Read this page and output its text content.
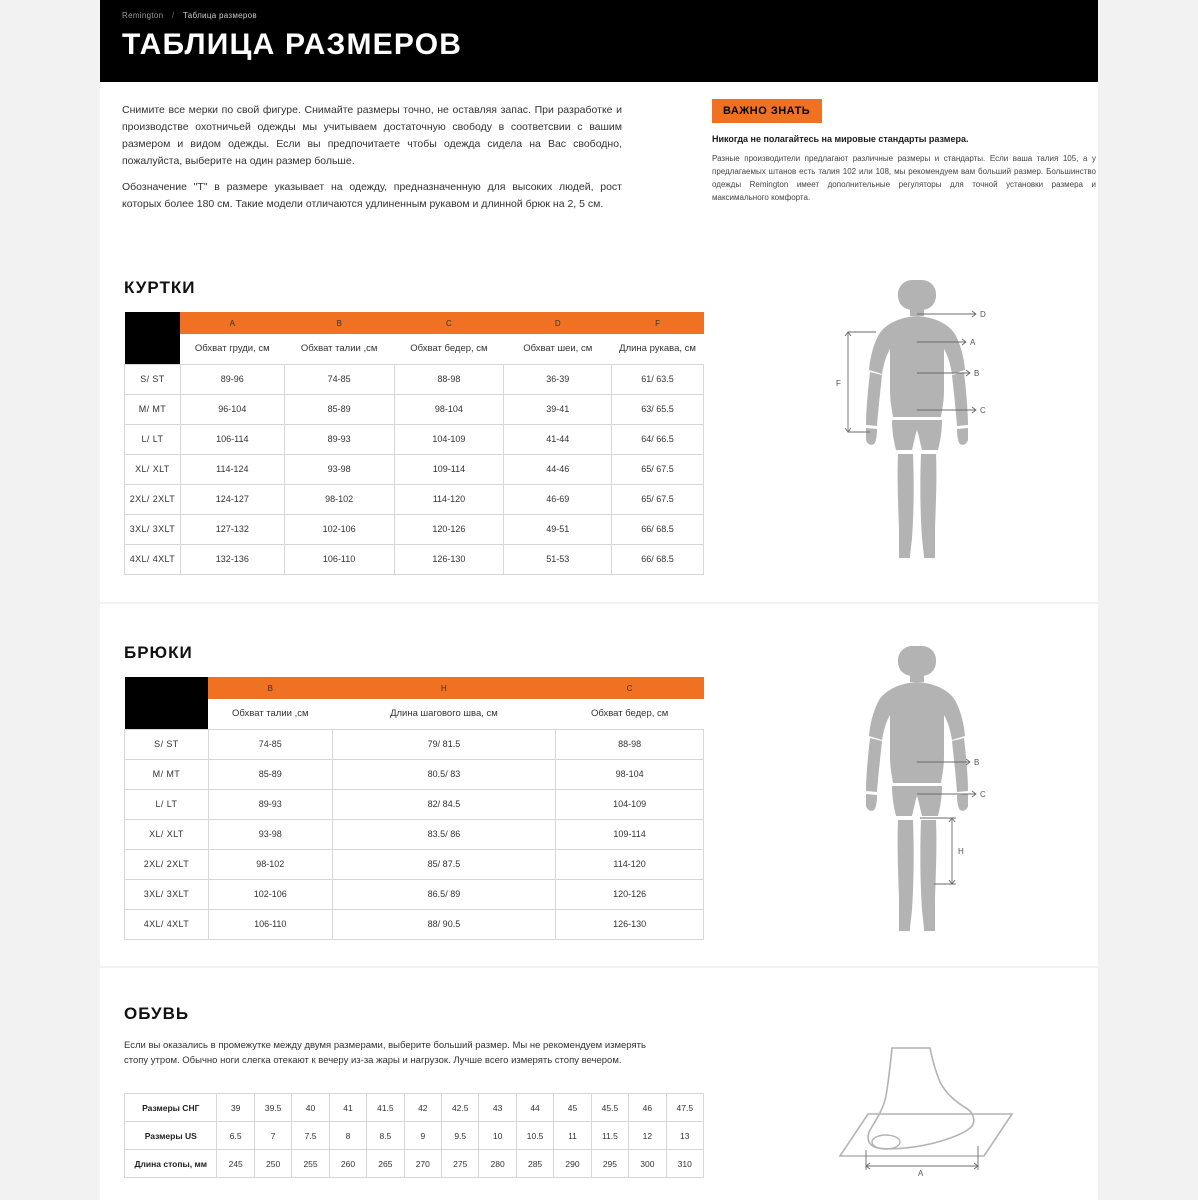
Remington / Таблица размеров
ТАБЛИЦА РАЗМЕРОВ

Снимите все мерки по свой фигуре. Снимайте размеры точно, не оставляя запас. При разработке и производстве охотничьей одежды мы учитываем достаточную свободу в соответсвии с вашим размером и видом одежды. Если вы предпочитаете чтобы одежда сидела на Вас свободно, пожалуйста, выберите на один размер больше.

Обозначение "T" в размере указывает на одежду, предназначенную для высоких людей, рост которых более 180 см. Такие модели отличаются удлиненным рукавом и длинной брюк на 2, 5 см.

ВАЖНО ЗНАТЬ
Никогда не полагайтесь на мировые стандарты размера.
Разные производители предлагают различные размеры и стандарты. Если ваша талия 105, а у предлагаемых штанов есть талия 102 или 108, мы рекомендуем вам больший размер. Большинство одежды Remington имеет дополнительные регуляторы для точной установки размера и максимального комфорта.
КУРТКИ
	A	B	C	D	F
	Обхват груди, см	Обхват талии ,см	Обхват бедер, см	Обхват шеи, см	Длина рукава, см
S/ ST	89-96	74-85	88-98	36-39	61/ 63.5
M/ MT	96-104	85-89	98-104	39-41	63/ 65.5
L/ LT	106-114	89-93	104-109	41-44	64/ 66.5
XL/ XLT	114-124	93-98	109-114	44-46	65/ 67.5
2XL/ 2XLT	124-127	98-102	114-120	46-69	65/ 67.5
3XL/ 3XLT	127-132	102-106	120-126	49-51	66/ 68.5
4XL/ 4XLT	132-136	106-110	126-130	51-53	66/ 68.5
D
A
B
C
F
БРЮКИ
	B	H	C
	Обхват талии ,см	Длина шагового шва, см	Обхват бедер, см
S/ ST	74-85	79/ 81.5	88-98
M/ MT	85-89	80.5/ 83	98-104
L/ LT	89-93	82/ 84.5	104-109
XL/ XLT	93-98	83.5/ 86	109-114
2XL/ 2XLT	98-102	85/ 87.5	114-120
3XL/ 3XLT	102-106	86.5/ 89	120-126
4XL/ 4XLT	106-110	88/ 90.5	126-130
B
C
H
ОБУВЬ
Если вы оказались в промежутке между двумя размерами, выберите больший размер. Мы не рекомендуем измерять стопу утром. Обычно ноги слегка отекают к вечеру из-за жары и нагрузок. Лучше всего измерять стопу вечером.
Размеры СНГ	39	39.5	40	41	41.5	42	42.5	43	44	45	45.5	46	47.5
Размеры US	6.5	7	7.5	8	8.5	9	9.5	10	10.5	11	11.5	12	13
Длина стопы, мм	245	250	255	260	265	270	275	280	285	290	295	300	310
A
